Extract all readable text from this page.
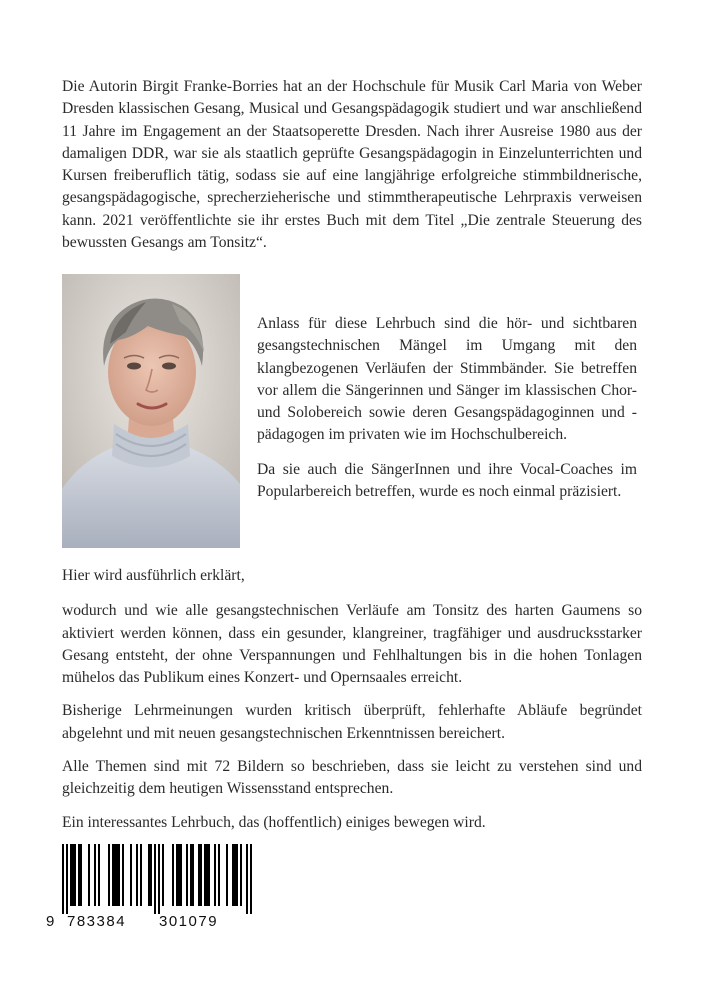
Die Autorin Birgit Franke-Borries hat an der Hochschule für Musik Carl Maria von Weber Dresden klassischen Gesang, Musical und Gesangspädagogik studiert und war anschließend 11 Jahre im Engagement an der Staatsoperette Dresden. Nach ihrer Ausreise 1980 aus der damaligen DDR, war sie als staatlich geprüfte Gesangspädagogin in Einzelunterrichten und Kursen freiberuflich tätig, sodass sie auf eine langjährige erfolgreiche stimmbildnerische, gesangspädagogische, sprecherzieherische und stimmtherapeutische Lehrpraxis verweisen kann. 2021 veröffentlichte sie ihr erstes Buch mit dem Titel „Die zentrale Steuerung des bewussten Gesangs am Tonsitz“.

Anlass für diese Lehrbuch sind die hör- und sichtbaren gesangstechnischen Mängel im Umgang mit den klangbezogenen Verläufen der Stimmbänder. Sie betreffen vor allem die Sängerinnen und Sänger im klassischen Chor- und Solobereich sowie deren Gesangspädagoginnen und -pädagogen im privaten wie im Hochschulbereich.

Da sie auch die SängerInnen und ihre Vocal-Coaches im Popularbereich betreffen, wurde es noch einmal präzisiert.

Hier wird ausführlich erklärt,

wodurch und wie alle gesangstechnischen Verläufe am Tonsitz des harten Gaumens so aktiviert werden können, dass ein gesunder, klangreiner, tragfähiger und ausdrucksstarker Gesang entsteht, der ohne Verspannungen und Fehlhaltungen bis in die hohen Tonlagen mühelos das Publikum eines Konzert- und Opernsaales erreicht.

Bisherige Lehrmeinungen wurden kritisch überprüft, fehlerhafte Abläufe begründet abgelehnt und mit neuen gesangstechnischen Erkenntnissen bereichert.

Alle Themen sind mit 72 Bildern so beschrieben, dass sie leicht zu verstehen sind und gleichzeitig dem heutigen Wissensstand entsprechen.

Ein interessantes Lehrbuch, das (hoffentlich) einiges bewegen wird.

9 783384 301079
